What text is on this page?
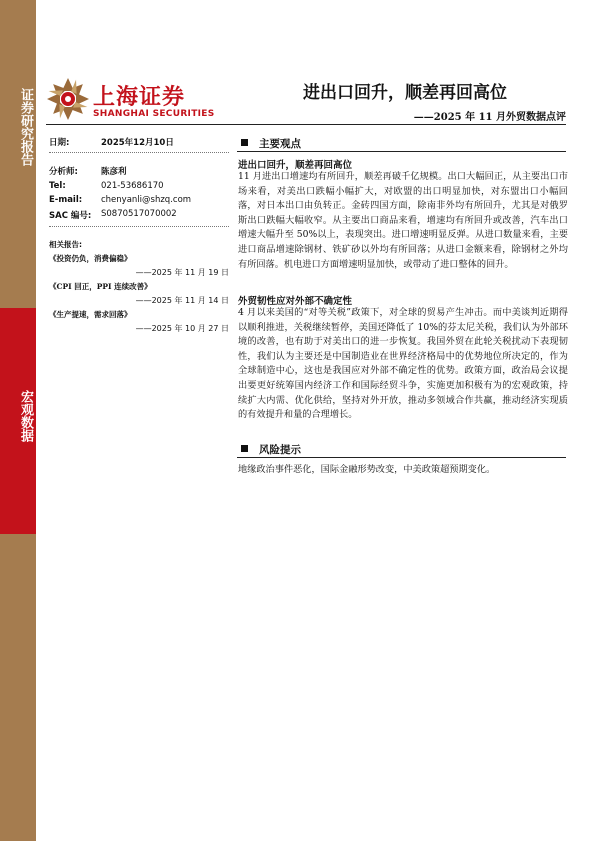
证券研究报告
宏观数据
上海证券
SHANGHAI SECURITIES
进出口回升，顺差再回高位
——2025 年 11 月外贸数据点评
日期:	2025年12月10日
分析师:	陈彦利
Tel:	021-53686170
E-mail: chenyanli@shzq.com
SAC 编号: S0870517070002
相关报告:
《投资仍负，消费偏稳》
——2025 年 11 月 19 日
《CPI 回正，PPI 连续改善》
——2025 年 11 月 14 日
《生产提速，需求回落》
——2025 年 10 月 27 日
主要观点
进出口回升，顺差再回高位
11 月进出口增速均有所回升，顺差再破千亿规模。出口大幅回正，从主要出口市场来看，对美出口跌幅小幅扩大，对欧盟的出口明显加快，对东盟出口小幅回落，对日本出口由负转正。金砖四国方面，除南非外均有所回升，尤其是对俄罗斯出口跌幅大幅收窄。从主要出口商品来看，增速均有所回升或改善，汽车出口增速大幅升至 50%以上，表现突出。进口增速明显反弹。从进口数量来看，主要进口商品增速除钢材、铁矿砂以外均有所回落；从进口金额来看，除钢材之外均有所回落。机电进口方面增速明显加快，或带动了进口整体的回升。
外贸韧性应对外部不确定性
4 月以来美国的“对等关税”政策下，对全球的贸易产生冲击。而中美谈判近期得以顺利推进，关税继续暂停，美国还降低了 10%的芬太尼关税，我们认为外部环境的改善，也有助于对美出口的进一步恢复。我国外贸在此轮关税扰动下表现韧性，我们认为主要还是中国制造业在世界经济格局中的优势地位所决定的，作为全球制造中心，这也是我国应对外部不确定性的优势。政策方面，政治局会议提出要更好统筹国内经济工作和国际经贸斗争，实施更加积极有为的宏观政策，持续扩大内需、优化供给，坚持对外开放，推动多领域合作共赢，推动经济实现质的有效提升和量的合理增长。
风险提示
地缘政治事件恶化，国际金融形势改变，中美政策超预期变化。
